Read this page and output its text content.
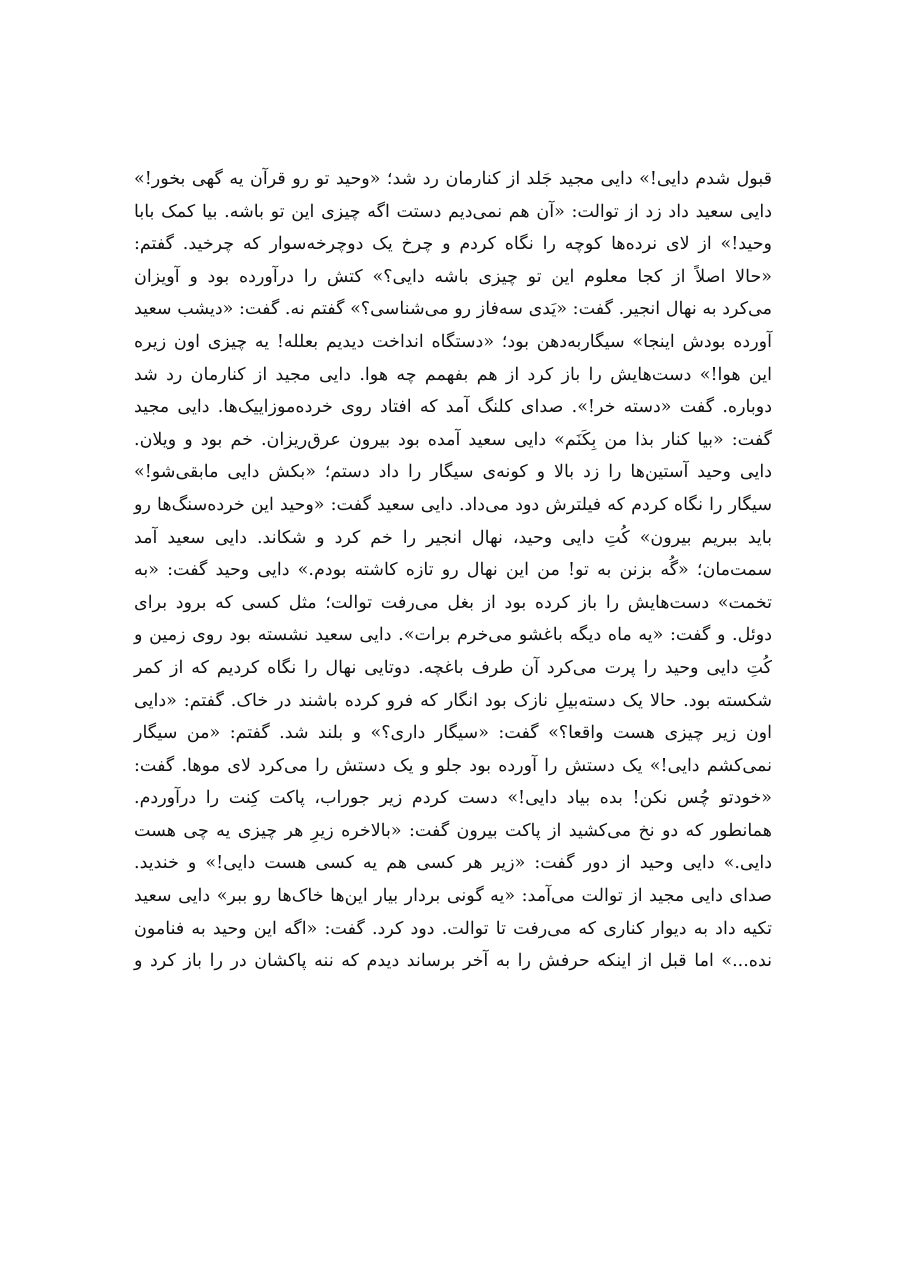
قبول شدم دایی!» دایی مجید جَلد از کنارمان رد شد؛ «وحید تو رو قرآن یه گهی بخور!»
دایی سعید داد زد از توالت: «آن هم نمی‌دیم دستت اگه چیزی این تو باشه. بیا کمک بابا
وحید!» از لای نرده‌ها کوچه را نگاه کردم و چرخ یک دوچرخه‌سوار که چرخید. گفتم:
«حالا اصلاً از کجا معلوم این تو چیزی باشه دایی؟» کتش را درآورده بود و آویزان
می‌کرد به نهال انجیر. گفت: «یَدی سه‌فاز رو می‌شناسی؟» گفتم نه. گفت: «دیشب سعید
آورده بودش اینجا» سیگاربه‌دهن بود؛ «دستگاه انداخت دیدیم بعلله! یه چیزی اون زیره
این هوا!» دست‌هایش را باز کرد از هم بفهمم چه هوا. دایی مجید از کنارمان رد شد
دوباره. گفت «دسته خر!». صدای کلنگ آمد که افتاد روی خرده‌موزاییک‌ها. دایی مجید
گفت: «بیا کنار بذا من بِکَنَم» دایی سعید آمده بود بیرون عرق‌ریزان. خم بود و ویلان.
دایی وحید آستین‌ها را زد بالا و کونه‌ی سیگار را داد دستم؛ «بکش دایی مابقی‌شو!»
سیگار را نگاه کردم که فیلترش دود می‌داد. دایی سعید گفت: «وحید این خرده‌سنگ‌ها رو
باید ببریم بیرون» کُتِ دایی وحید، نهال انجیر را خم کرد و شکاند. دایی سعید آمد
سمت‌مان؛ «گُه بزنن به تو! من این نهال رو تازه کاشته بودم.» دایی وحید گفت: «به
تخمت» دست‌هایش را باز کرده بود از بغل می‌رفت توالت؛ مثل کسی که برود برای
دوئل. و گفت: «یه ماه دیگه باغشو می‌خرم برات». دایی سعید نشسته بود روی زمین و
کُتِ دایی وحید را پرت می‌کرد آن طرف باغچه. دوتایی نهال را نگاه کردیم که از کمر
شکسته بود. حالا یک دسته‌بیلِ نازک بود انگار که فرو کرده باشند در خاک. گفتم: «دایی
اون زیر چیزی هست واقعا؟» گفت: «سیگار داری؟» و بلند شد. گفتم: «من سیگار
نمی‌کشم دایی!» یک دستش را آورده بود جلو و یک دستش را می‌کرد لای موها. گفت:
«خودتو چُس نکن! بده بیاد دایی!» دست کردم زیر جوراب، پاکت کِنت را درآوردم.
همانطور که دو نخ می‌کشید از پاکت بیرون گفت: «بالاخره زیرِ هر چیزی یه چی هست
دایی.» دایی وحید از دور گفت: «زیر هر کسی هم یه کسی هست دایی!» و خندید.
صدای دایی مجید از توالت می‌آمد: «یه گونی بردار بیار این‌ها خاک‌ها رو ببر» دایی سعید
تکیه داد به دیوار کناری که می‌رفت تا توالت. دود کرد. گفت: «اگه این وحید به فنامون
نده...» اما قبل از اینکه حرفش را به آخر برساند دیدم که ننه پاکشان در را باز کرد و
